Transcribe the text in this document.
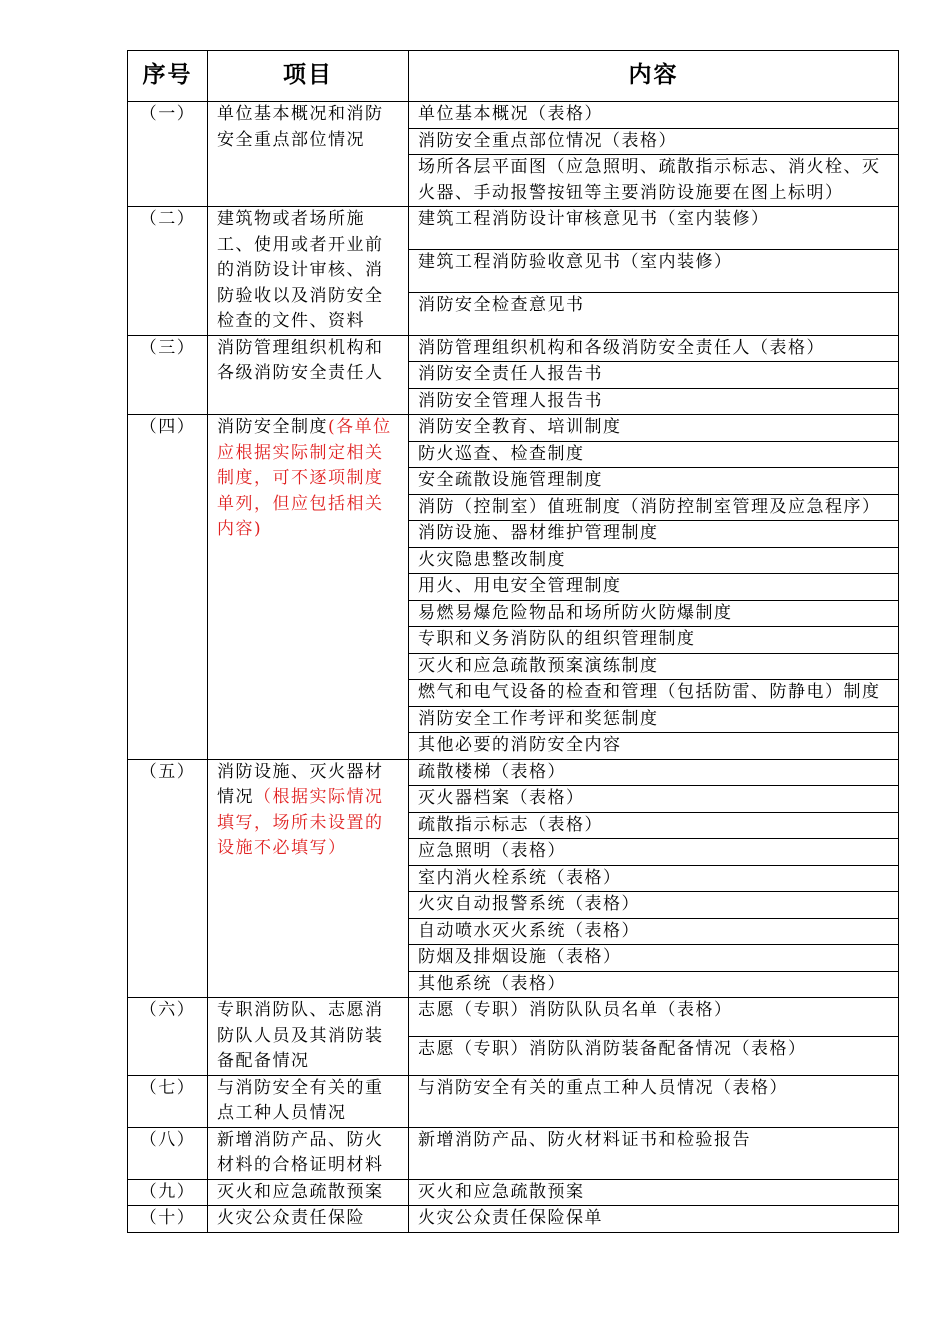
序号	项目	内容
（一）	单位基本概况和消防安全重点部位情况	单位基本概况（表格）
		消防安全重点部位情况（表格）
		场所各层平面图（应急照明、疏散指示标志、消火栓、灭火器、手动报警按钮等主要消防设施要在图上标明）
（二）	建筑物或者场所施工、使用或者开业前的消防设计审核、消防验收以及消防安全检查的文件、资料	建筑工程消防设计审核意见书（室内装修）
		建筑工程消防验收意见书（室内装修）
		消防安全检查意见书
（三）	消防管理组织机构和各级消防安全责任人	消防管理组织机构和各级消防安全责任人（表格）
		消防安全责任人报告书
		消防安全管理人报告书
（四）	消防安全制度(各单位应根据实际制定相关制度，可不逐项制度单列，但应包括相关内容)	消防安全教育、培训制度
		防火巡查、检查制度
		安全疏散设施管理制度
		消防（控制室）值班制度（消防控制室管理及应急程序）
		消防设施、器材维护管理制度
		火灾隐患整改制度
		用火、用电安全管理制度
		易燃易爆危险物品和场所防火防爆制度
		专职和义务消防队的组织管理制度
		灭火和应急疏散预案演练制度
		燃气和电气设备的检查和管理（包括防雷、防静电）制度
		消防安全工作考评和奖惩制度
		其他必要的消防安全内容
（五）	消防设施、灭火器材情况（根据实际情况填写，场所未设置的设施不必填写）	疏散楼梯（表格）
		灭火器档案（表格）
		疏散指示标志（表格）
		应急照明（表格）
		室内消火栓系统（表格）
		火灾自动报警系统（表格）
		自动喷水灭火系统（表格）
		防烟及排烟设施（表格）
		其他系统（表格）
（六）	专职消防队、志愿消防队人员及其消防装备配备情况	志愿（专职）消防队队员名单（表格）
		志愿（专职）消防队消防装备配备情况（表格）
（七）	与消防安全有关的重点工种人员情况	与消防安全有关的重点工种人员情况（表格）
（八）	新增消防产品、防火材料的合格证明材料	新增消防产品、防火材料证书和检验报告
（九）	灭火和应急疏散预案	灭火和应急疏散预案
（十）	火灾公众责任保险	火灾公众责任保险保单
